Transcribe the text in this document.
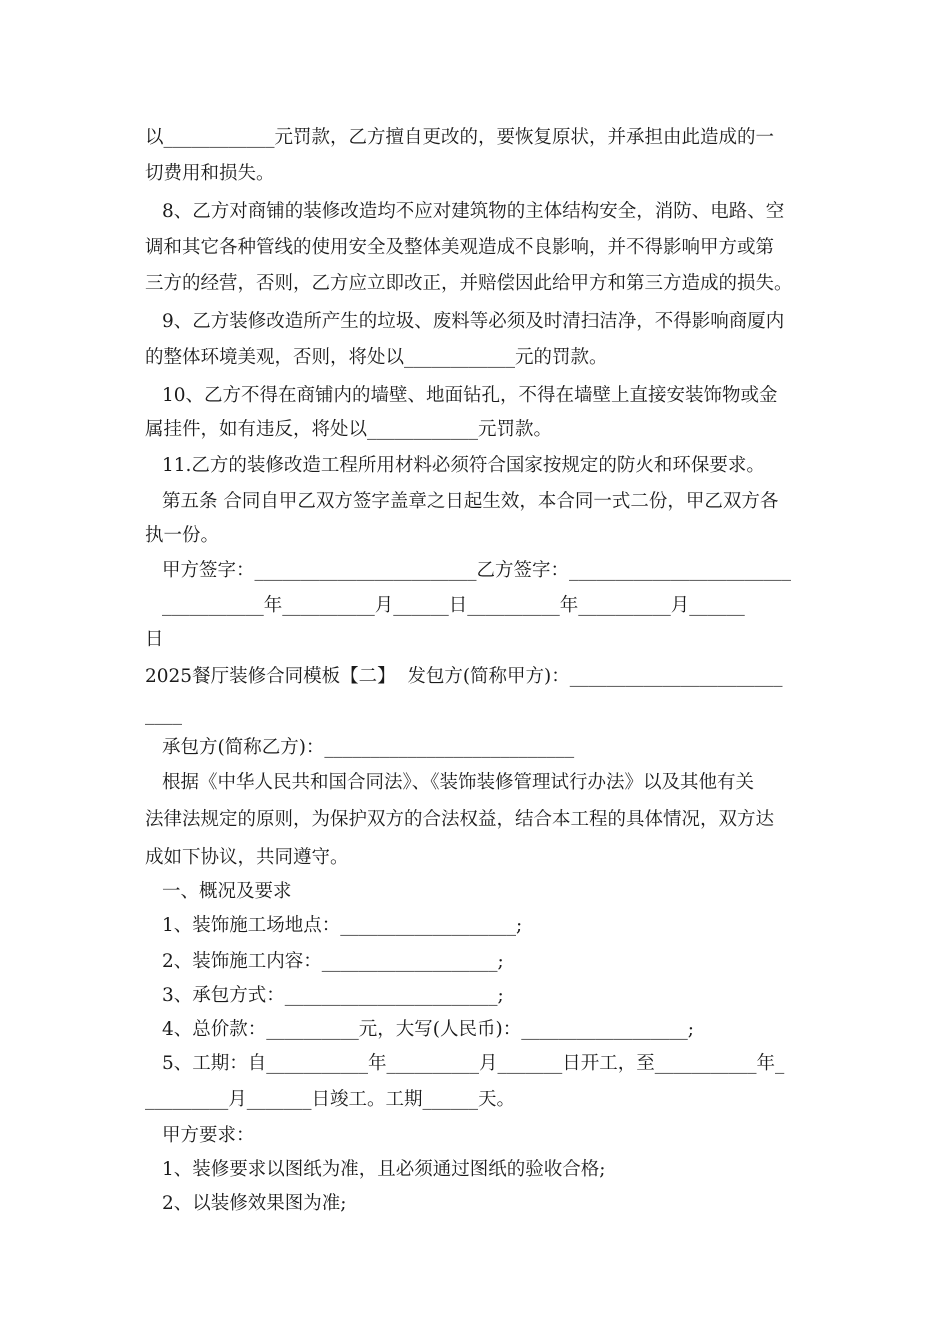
以____________元罚款，乙方擅自更改的，要恢复原状，并承担由此造成的一
切费用和损失。
8、乙方对商铺的装修改造均不应对建筑物的主体结构安全，消防、电路、空
调和其它各种管线的使用安全及整体美观造成不良影响，并不得影响甲方或第
三方的经营，否则，乙方应立即改正，并赔偿因此给甲方和第三方造成的损失。
9、乙方装修改造所产生的垃圾、废料等必须及时清扫洁净，不得影响商厦内
的整体环境美观，否则，将处以____________元的罚款。
10、乙方不得在商铺内的墙壁、地面钻孔，不得在墙壁上直接安装饰物或金
属挂件，如有违反，将处以____________元罚款。
11.乙方的装修改造工程所用材料必须符合国家按规定的防火和环保要求。
第五条 合同自甲乙双方签字盖章之日起生效，本合同一式二份，甲乙双方各
执一份。
甲方签字：________________________乙方签字：________________________
___________年__________月______日__________年__________月______
日
2025餐厅装修合同模板【二】  发包方(简称甲方)：_______________________
____
承包方(简称乙方)：___________________________
根据《中华人民共和国合同法》、《装饰装修管理试行办法》以及其他有关
法律法规定的原则，为保护双方的合法权益，结合本工程的具体情况，双方达
成如下协议，共同遵守。
一、概况及要求
1、装饰施工场地点：___________________;
2、装饰施工内容：___________________;
3、承包方式：_______________________;
4、总价款：__________元，大写(人民币)：__________________;
5、工期：自___________年__________月_______日开工，至___________年_
_________月_______日竣工。工期______天。
甲方要求：
1、装修要求以图纸为准，且必须通过图纸的验收合格;
2、以装修效果图为准;
